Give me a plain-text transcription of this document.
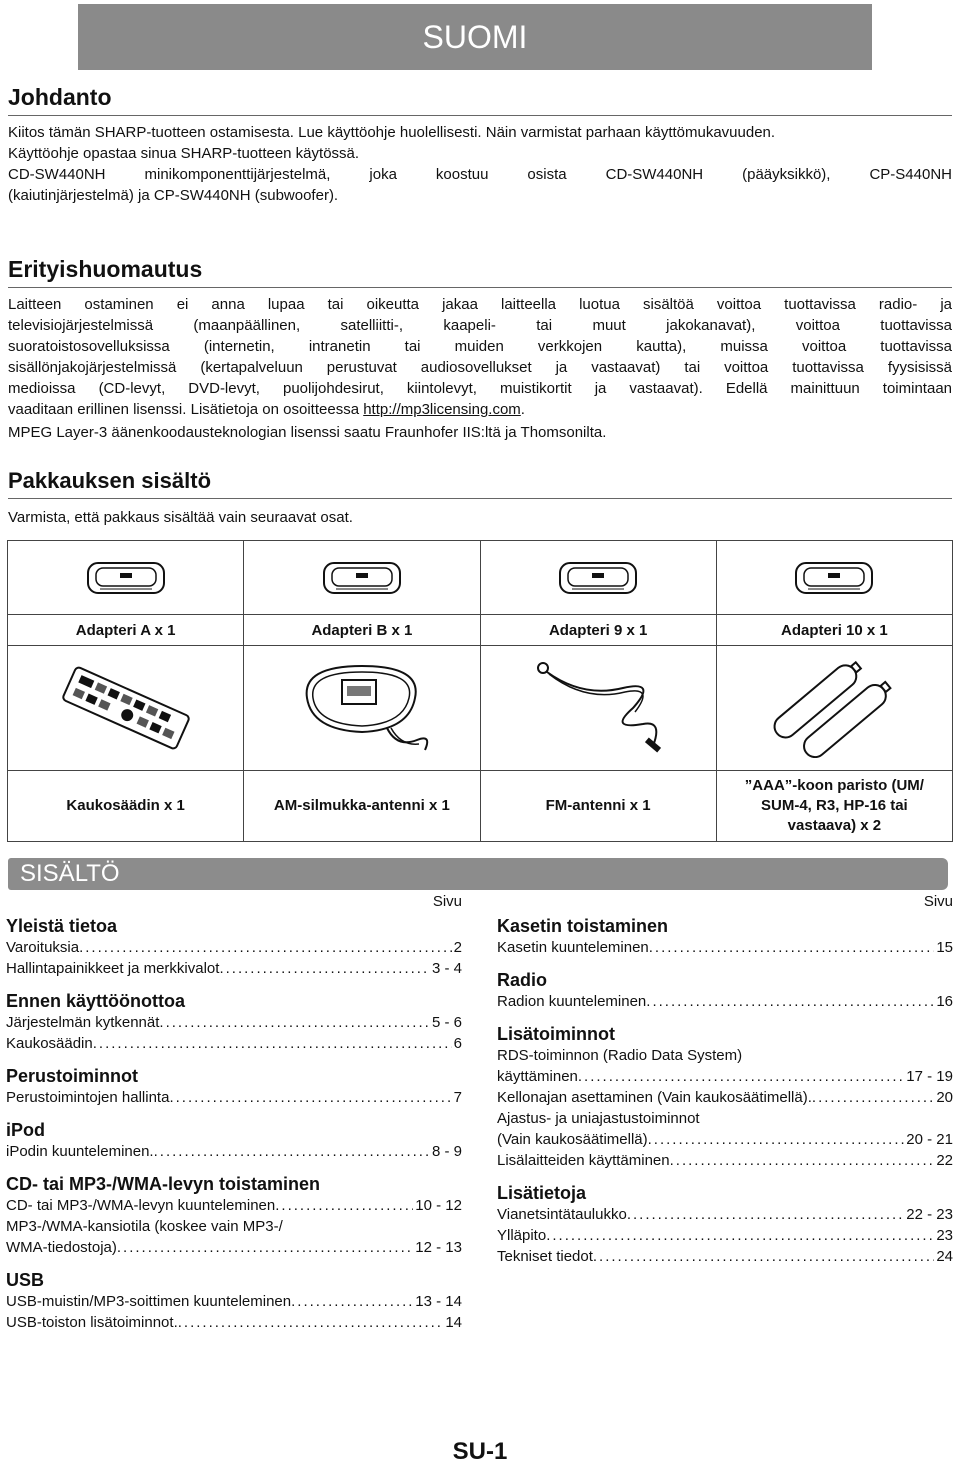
SUOMI
Johdanto

Kiitos tämän SHARP-tuotteen ostamisesta. Lue käyttöohje huolellisesti. Näin varmistat parhaan käyttömukavuuden.
Käyttöohje opastaa sinua SHARP-tuotteen käytössä.
CD-SW440NH minikomponenttijärjestelmä, joka koostuu osista CD-SW440NH (pääyksikkö), CP-S440NH
(kaiutinjärjestelmä) ja CP-SW440NH (subwoofer).

Erityishuomautus

Laitteen ostaminen ei anna lupaa tai oikeutta jakaa laitteella luotua sisältöä voittoa tuottavissa radio- ja
televisiojärjestelmissä (maanpäällinen, satelliitti-, kaapeli- tai muut jakokanavat), voittoa tuottavissa
suoratoistosovelluksissa (internetin, intranetin tai muiden verkkojen kautta), muissa voittoa tuottavissa
sisällönjakojärjestelmissä (kertapalveluun perustuvat audiosovellukset ja vastaavat) tai voittoa tuottavissa fyysisissä
medioissa (CD-levyt, DVD-levyt, puolijohdesirut, kiintolevyt, muistikortit ja vastaavat). Edellä mainittuun toimintaan
vaaditaan erillinen lisenssi. Lisätietoja on osoitteessa http://mp3licensing.com.

MPEG Layer-3 äänenkoodausteknologian lisenssi saatu Fraunhofer IIS:ltä ja Thomsonilta.

Pakkauksen sisältö

Varmista, että pakkaus sisältää vain seuraavat osat.

Adapteri A x 1	Adapteri B x 1	Adapteri 9 x 1	Adapteri 10 x 1

Kaukosäädin x 1	AM-silmukka-antenni x 1	FM-antenni x 1	”AAA”-koon paristo (UM/
SUM-4, R3, HP-16 tai
vastaava) x 2
SISÄLTÖ
Sivu
Yleistä tietoa
Varoituksia .....	2
Hallintapainikkeet ja merkkivalot .....	3 - 4
Ennen käyttöönottoa
Järjestelmän kytkennät .....	5 - 6
Kaukosäädin .....	6
Perustoiminnot
Perustoimintojen hallinta .....	7
iPod
iPodin kuunteleminen. .....	8 - 9
CD- tai MP3-/WMA-levyn toistaminen
CD- tai MP3-/WMA-levyn kuunteleminen .....	10 - 12
MP3-/WMA-kansiotila (koskee vain MP3-/
WMA-tiedostoja) .....	12 - 13
USB
USB-muistin/MP3-soittimen kuunteleminen .....	13 - 14
USB-toiston lisätoiminnot. .....	14
Sivu
Kasetin toistaminen
Kasetin kuunteleminen .....	15
Radio
Radion kuunteleminen .....	16
Lisätoiminnot
RDS-toiminnon (Radio Data System)
käyttäminen .....	17 - 19
Kellonajan asettaminen (Vain kaukosäätimellä). .....	20
Ajastus- ja uniajastustoiminnot
(Vain kaukosäätimellä) .....	20 - 21
Lisälaitteiden käyttäminen .....	22
Lisätietoja
Vianetsintätaulukko .....	22 - 23
Ylläpito .....	23
Tekniset tiedot .....	24
SU-1
